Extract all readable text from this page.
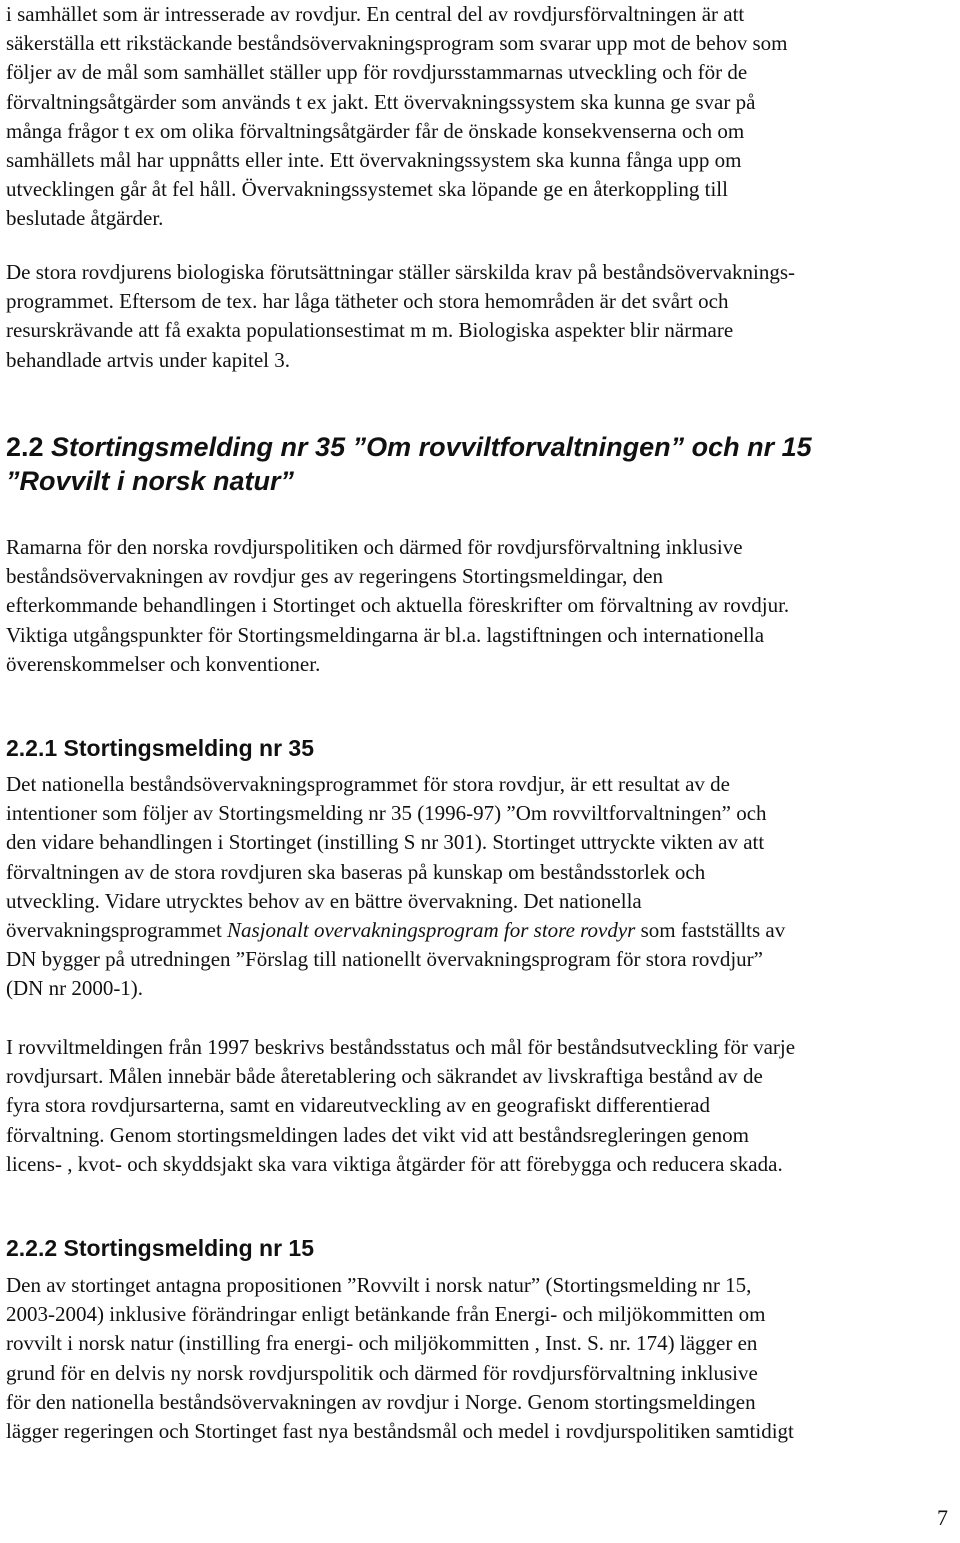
i samhället som är intresserade av rovdjur. En central del av rovdjursförvaltningen är att
säkerställa ett rikstäckande beståndsövervakningsprogram som svarar upp mot de behov som
följer av de mål som samhället ställer upp för rovdjursstammarnas utveckling och för de
förvaltningsåtgärder som används t ex jakt. Ett övervakningssystem ska kunna ge svar på
många frågor t ex om olika förvaltningsåtgärder får de önskade konsekvenserna och om
samhällets mål har uppnåtts eller inte. Ett övervakningssystem ska kunna fånga upp om
utvecklingen går åt fel håll. Övervakningssystemet ska löpande ge en återkoppling till
beslutade åtgärder.

De stora rovdjurens biologiska förutsättningar ställer särskilda krav på beståndsövervaknings-
programmet. Eftersom de tex. har låga tätheter och stora hemområden är det svårt och
resurskrävande att få exakta populationsestimat m m. Biologiska aspekter blir närmare
behandlade artvis under kapitel 3.

2.2 Stortingsmelding nr 35 ”Om rovviltforvaltningen” och nr 15
”Rovvilt i norsk natur”

Ramarna för den norska rovdjurspolitiken och därmed för rovdjursförvaltning inklusive
beståndsövervakningen av rovdjur ges av regeringens Stortingsmeldingar, den
efterkommande behandlingen i Stortinget och aktuella föreskrifter om förvaltning av rovdjur.
Viktiga utgångspunkter för Stortingsmeldingarna är bl.a. lagstiftningen och internationella
överenskommelser och konventioner.

2.2.1 Stortingsmelding nr 35

Det nationella beståndsövervakningsprogrammet för stora rovdjur, är ett resultat av de
intentioner som följer av Stortingsmelding nr 35 (1996-97) ”Om rovviltforvaltningen” och
den vidare behandlingen i Stortinget (instilling S nr 301). Stortinget uttryckte vikten av att
förvaltningen av de stora rovdjuren ska baseras på kunskap om beståndsstorlek och
utveckling. Vidare utrycktes behov av en bättre övervakning. Det nationella
övervakningsprogrammet Nasjonalt overvakningsprogram for store rovdyr som fastställts av
DN bygger på utredningen ”Förslag till nationellt övervakningsprogram för stora rovdjur”
(DN nr 2000-1).

I rovviltmeldingen från 1997 beskrivs beståndsstatus och mål för beståndsutveckling för varje
rovdjursart. Målen innebär både återetablering och säkrandet av livskraftiga bestånd av de
fyra stora rovdjursarterna, samt en vidareutveckling av en geografiskt differentierad
förvaltning. Genom stortingsmeldingen lades det vikt vid att beståndsregleringen genom
licens- , kvot- och skyddsjakt ska vara viktiga åtgärder för att förebygga och reducera skada.

2.2.2 Stortingsmelding nr 15

Den av stortinget antagna propositionen ”Rovvilt i norsk natur” (Stortingsmelding nr 15,
2003-2004) inklusive förändringar enligt betänkande från Energi- och miljökommitten om
rovvilt i norsk natur (instilling fra energi- och miljökommitten , Inst. S. nr. 174) lägger en
grund för en delvis ny norsk rovdjurspolitik och därmed för rovdjursförvaltning inklusive
för den nationella beståndsövervakningen av rovdjur i Norge. Genom stortingsmeldingen
lägger regeringen och Stortinget fast nya beståndsmål och medel i rovdjurspolitiken samtidigt

7
